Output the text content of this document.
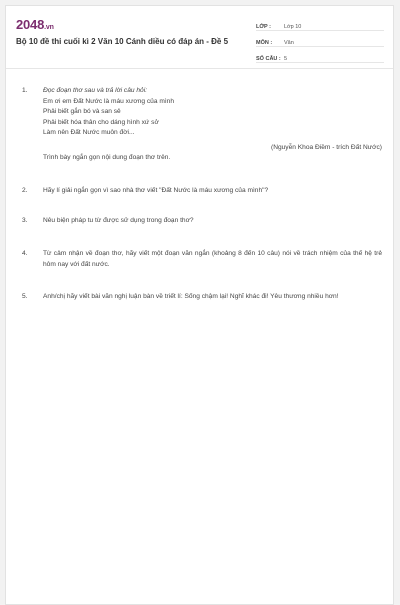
2048.vn
Bộ 10 đề thi cuối kì 2 Văn 10 Cánh diều có đáp án - Đề 5
LỚP :	Lớp 10
MÔN :	Văn
SỐ CÂU : 5
1. Đọc đoạn thơ sau và trả lời câu hỏi:
Em ơi em Đất Nước là máu xương của mình
Phải biết gắn bó và san sẻ
Phải biết hóa thân cho dáng hình xứ sở
Làm nên Đất Nước muôn đời...
(Nguyễn Khoa Điềm - trích Đất Nước)
Trình bày ngắn gọn nội dung đoạn thơ trên.
2. Hãy lí giải ngắn gọn vì sao nhà thơ viết "Đất Nước là máu xương của mình"?
3. Nêu biện pháp tu từ được sử dụng trong đoạn thơ?
4. Từ cảm nhận về đoạn thơ, hãy viết một đoạn văn ngắn (khoảng 8 đến 10 câu) nói về trách nhiệm của thế hệ trẻ hôm nay với đất nước.
5. Anh/chị hãy viết bài văn nghị luận bàn về triết lí: Sống chậm lại! Nghĩ khác đi! Yêu thương nhiều hơn!
